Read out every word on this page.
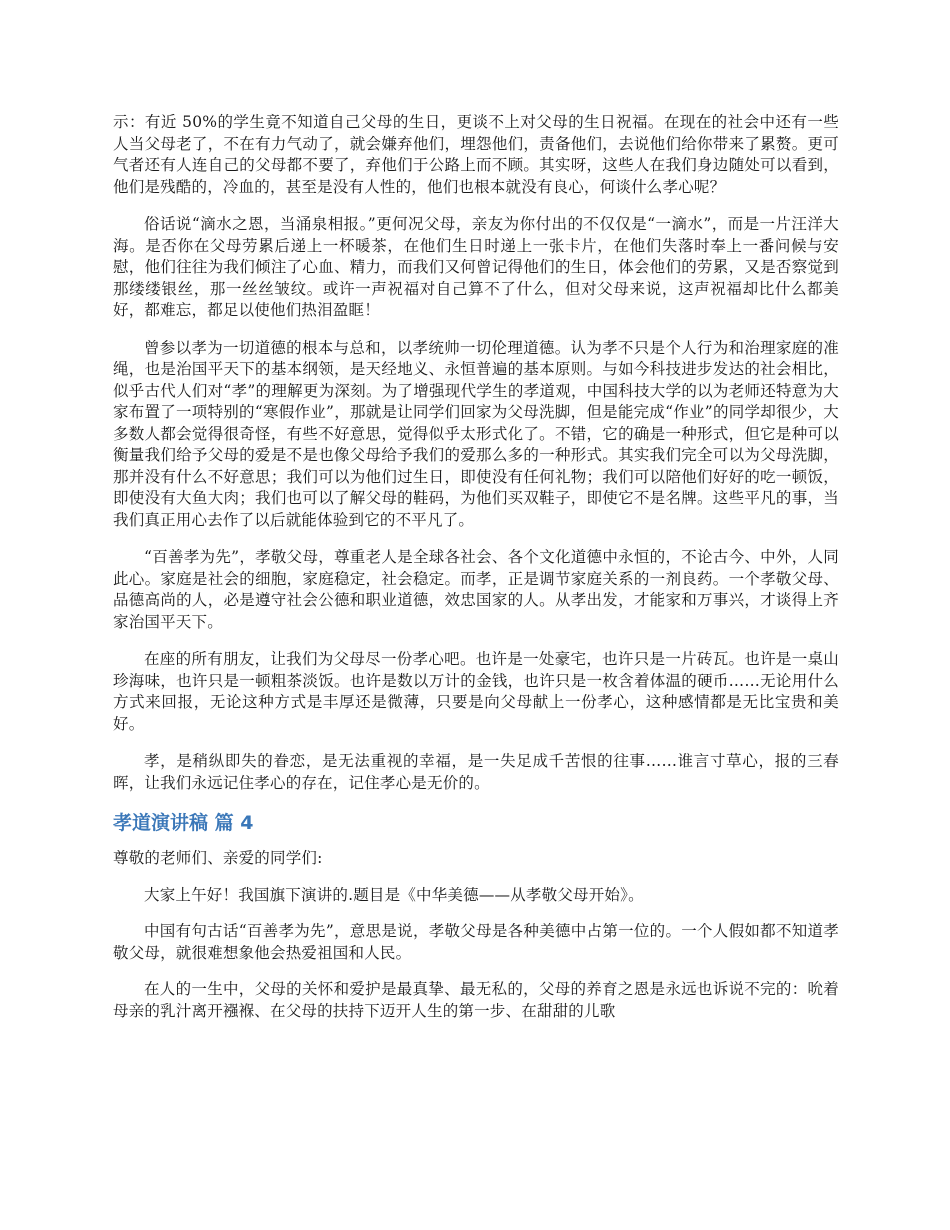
示：有近 50%的学生竟不知道自己父母的生日，更谈不上对父母的生日祝福。在现在的社会中还有一些人当父母老了，不在有力气动了，就会嫌弃他们，埋怨他们，责备他们，去说他们给你带来了累赘。更可气者还有人连自己的父母都不要了，弃他们于公路上而不顾。其实呀，这些人在我们身边随处可以看到，他们是残酷的，冷血的，甚至是没有人性的，他们也根本就没有良心，何谈什么孝心呢？

俗话说“滴水之恩，当涌泉相报。”更何况父母，亲友为你付出的不仅仅是“一滴水”，而是一片汪洋大海。是否你在父母劳累后递上一杯暖茶，在他们生日时递上一张卡片，在他们失落时奉上一番问候与安慰，他们往往为我们倾注了心血、精力，而我们又何曾记得他们的生日，体会他们的劳累，又是否察觉到那缕缕银丝，那一丝丝皱纹。或许一声祝福对自己算不了什么，但对父母来说，这声祝福却比什么都美好，都难忘，都足以使他们热泪盈眶！

曾参以孝为一切道德的根本与总和，以孝统帅一切伦理道德。认为孝不只是个人行为和治理家庭的准绳，也是治国平天下的基本纲领，是天经地义、永恒普遍的基本原则。与如今科技进步发达的社会相比，似乎古代人们对“孝”的理解更为深刻。为了增强现代学生的孝道观，中国科技大学的以为老师还特意为大家布置了一项特别的“寒假作业”，那就是让同学们回家为父母洗脚，但是能完成“作业”的同学却很少，大多数人都会觉得很奇怪，有些不好意思，觉得似乎太形式化了。不错，它的确是一种形式，但它是种可以衡量我们给予父母的爱是不是也像父母给予我们的爱那么多的一种形式。其实我们完全可以为父母洗脚，那并没有什么不好意思；我们可以为他们过生日，即使没有任何礼物；我们可以陪他们好好的吃一顿饭，即使没有大鱼大肉；我们也可以了解父母的鞋码，为他们买双鞋子，即使它不是名牌。这些平凡的事，当我们真正用心去作了以后就能体验到它的不平凡了。

“百善孝为先”，孝敬父母，尊重老人是全球各社会、各个文化道德中永恒的，不论古今、中外，人同此心。家庭是社会的细胞，家庭稳定，社会稳定。而孝，正是调节家庭关系的一剂良药。一个孝敬父母、品德高尚的人，必是遵守社会公德和职业道德，效忠国家的人。从孝出发，才能家和万事兴，才谈得上齐家治国平天下。

在座的所有朋友，让我们为父母尽一份孝心吧。也许是一处豪宅，也许只是一片砖瓦。也许是一桌山珍海味，也许只是一顿粗茶淡饭。也许是数以万计的金钱，也许只是一枚含着体温的硬币……无论用什么方式来回报，无论这种方式是丰厚还是微薄，只要是向父母献上一份孝心，这种感情都是无比宝贵和美好。

孝，是稍纵即失的眷恋，是无法重视的幸福，是一失足成千苦恨的往事……谁言寸草心，报的三春晖，让我们永远记住孝心的存在，记住孝心是无价的。

孝道演讲稿 篇 4

尊敬的老师们、亲爱的同学们:

大家上午好！我国旗下演讲的.题目是《中华美德——从孝敬父母开始》。

中国有句古话“百善孝为先”，意思是说，孝敬父母是各种美德中占第一位的。一个人假如都不知道孝敬父母，就很难想象他会热爱祖国和人民。

在人的一生中，父母的关怀和爱护是最真挚、最无私的，父母的养育之恩是永远也诉说不完的：吮着母亲的乳汁离开襁褓、在父母的扶持下迈开人生的第一步、在甜甜的儿歌
